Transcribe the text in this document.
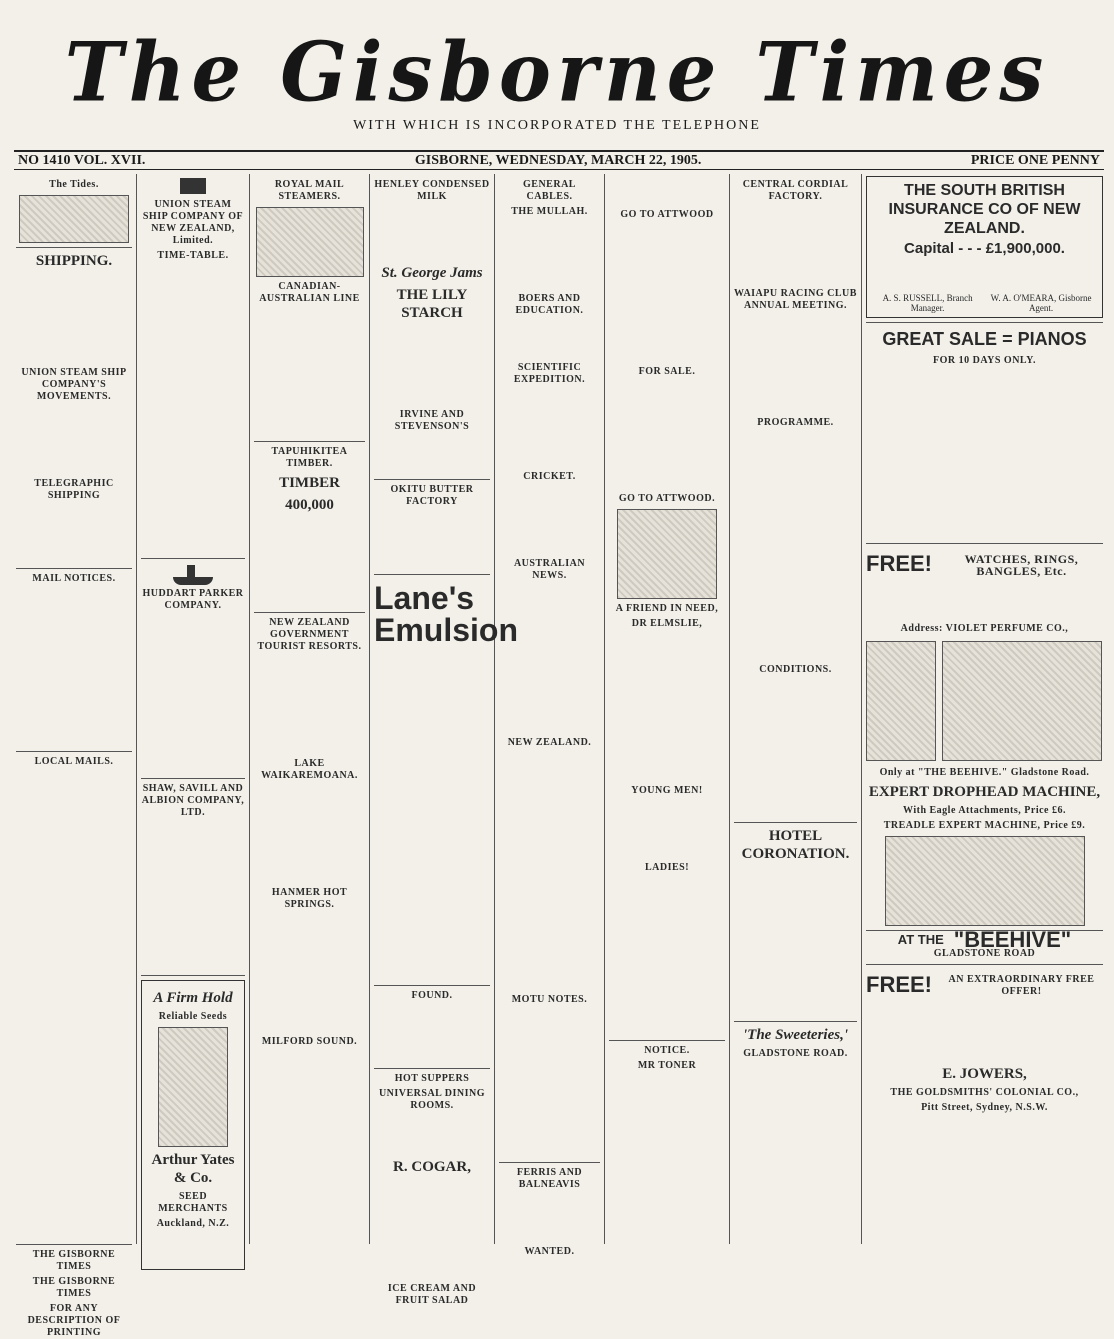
The Gisborne Times
WITH WHICH IS INCORPORATED THE TELEPHONE
NO 1410 VOL. XVII.	GISBORNE, WEDNESDAY, MARCH 22, 1905.	PRICE ONE PENNY
The Tides.
SHIPPING.
UNION STEAM SHIP COMPANY'S MOVEMENTS.
TELEGRAPHIC SHIPPING
MAIL NOTICES.
LOCAL MAILS.
THE GISBORNE TIMES
THE GISBORNE TIMES
FOR ANY DESCRIPTION OF PRINTING
UNION STEAM SHIP COMPANY OF NEW ZEALAND, Limited.
TIME-TABLE.
HUDDART PARKER COMPANY.
SHAW, SAVILL AND ALBION COMPANY, LTD.
A Firm Hold
Reliable Seeds
Arthur Yates & Co.
SEED MERCHANTS
Auckland, N.Z.
ROYAL MAIL STEAMERS.
CANADIAN-AUSTRALIAN LINE
TAPUHIKITEA TIMBER.
TIMBER
400,000
NEW ZEALAND GOVERNMENT TOURIST RESORTS.
LAKE WAIKAREMOANA.
HANMER HOT SPRINGS.
MILFORD SOUND.
HENLEY CONDENSED MILK
St. George Jams
THE LILY STARCH
IRVINE AND STEVENSON'S
OKITU BUTTER FACTORY
Lane's
Emulsion
FOUND.
HOT SUPPERS
UNIVERSAL DINING ROOMS.
R. COGAR,
ICE CREAM AND FRUIT SALAD
GENERAL CABLES.
THE MULLAH.
BOERS AND EDUCATION.
SCIENTIFIC EXPEDITION.
CRICKET.
AUSTRALIAN NEWS.
NEW ZEALAND.
MOTU NOTES.
FERRIS AND BALNEAVIS
WANTED.
GO TO ATTWOOD
FOR SALE.
GO TO ATTWOOD.
A FRIEND IN NEED,
DR ELMSLIE,
YOUNG MEN!
LADIES!
NOTICE.
MR TONER
CENTRAL CORDIAL FACTORY.
WAIAPU RACING CLUB ANNUAL MEETING.
PROGRAMME.
CONDITIONS.
HOTEL CORONATION.
'The Sweeteries,'
GLADSTONE ROAD.
THE SOUTH BRITISH INSURANCE CO OF NEW ZEALAND.
Capital - - - £1,900,000.
A. S. RUSSELL, Branch Manager.
W. A. O'MEARA, Gisborne Agent.
GREAT SALE = PIANOS
FOR 10 DAYS ONLY.
FREE!	WATCHES, RINGS, BANGLES, Etc.
Address: VIOLET PERFUME CO.,
Only at "THE BEEHIVE." Gladstone Road.
EXPERT DROPHEAD MACHINE,
With Eagle Attachments, Price £6.
TREADLE EXPERT MACHINE, Price £9.
AT THE "BEEHIVE"
GLADSTONE ROAD
FREE!	AN EXTRAORDINARY FREE OFFER!
E. JOWERS,
THE GOLDSMITHS' COLONIAL CO.,
Pitt Street, Sydney, N.S.W.
